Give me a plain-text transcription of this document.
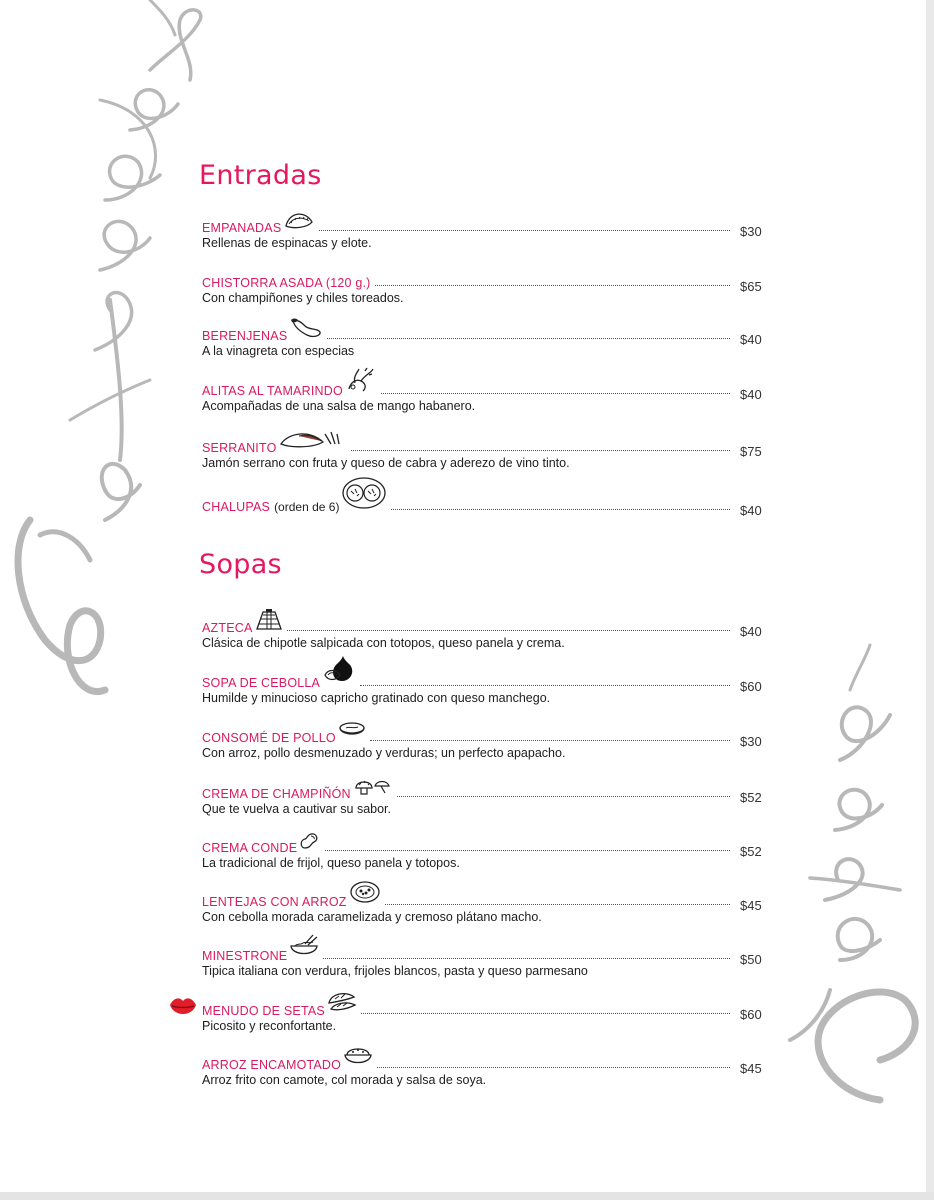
Entradas
EMPANADAS	$30
Rellenas de espinacas y elote.
CHISTORRA ASADA (120 g.)	$65
Con champiñones y chiles toreados.
BERENJENAS	$40
A la vinagreta con especias
ALITAS AL TAMARINDO	$40
Acompañadas de una salsa de mango habanero.
SERRANITO	$75
Jamón serrano con fruta y queso de cabra y aderezo de vino tinto.
CHALUPAS (orden de 6)	$40
Sopas
AZTECA	$40
Clásica de chipotle salpicada con totopos, queso panela y crema.
SOPA DE CEBOLLA	$60
Humilde y minucioso capricho gratinado con queso manchego.
CONSOMÉ DE POLLO	$30
Con arroz, pollo desmenuzado y verduras; un perfecto apapacho.
CREMA DE CHAMPIÑÓN	$52
Que te vuelva a cautivar su sabor.
CREMA CONDE	$52
La tradicional de frijol, queso panela y totopos.
LENTEJAS CON ARROZ	$45
Con cebolla morada caramelizada y cremoso plátano macho.
MINESTRONE	$50
Tipica italiana con verdura, frijoles blancos, pasta y queso parmesano
MENUDO DE SETAS	$60
Picosito y reconfortante.
ARROZ ENCAMOTADO	$45
Arroz frito con camote, col morada y salsa de soya.
